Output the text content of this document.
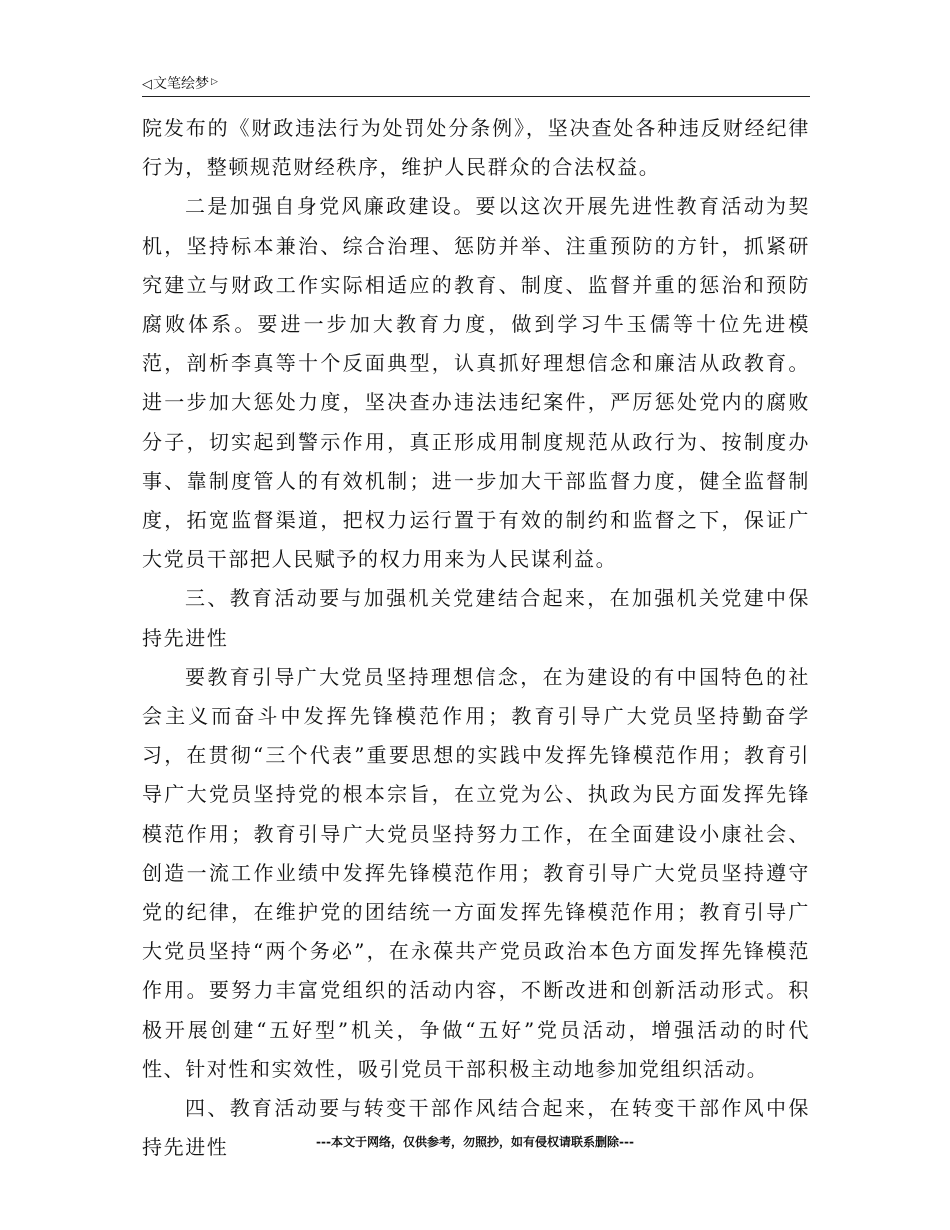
◁文笔绘梦 ▷

院发布的《财政违法行为处罚处分条例》，坚决查处各种违反财经纪律行为，整顿规范财经秩序，维护人民群众的合法权益。

二是加强自身党风廉政建设。要以这次开展先进性教育活动为契机，坚持标本兼治、综合治理、惩防并举、注重预防的方针，抓紧研究建立与财政工作实际相适应的教育、制度、监督并重的惩治和预防腐败体系。要进一步加大教育力度，做到学习牛玉儒等十位先进模范，剖析李真等十个反面典型，认真抓好理想信念和廉洁从政教育。进一步加大惩处力度，坚决查办违法违纪案件，严厉惩处党内的腐败分子，切实起到警示作用，真正形成用制度规范从政行为、按制度办事、靠制度管人的有效机制；进一步加大干部监督力度，健全监督制度，拓宽监督渠道，把权力运行置于有效的制约和监督之下，保证广大党员干部把人民赋予的权力用来为人民谋利益。

三、教育活动要与加强机关党建结合起来，在加强机关党建中保持先进性

要教育引导广大党员坚持理想信念，在为建设的有中国特色的社会主义而奋斗中发挥先锋模范作用；教育引导广大党员坚持勤奋学习，在贯彻“三个代表”重要思想的实践中发挥先锋模范作用；教育引导广大党员坚持党的根本宗旨，在立党为公、执政为民方面发挥先锋模范作用；教育引导广大党员坚持努力工作，在全面建设小康社会、创造一流工作业绩中发挥先锋模范作用；教育引导广大党员坚持遵守党的纪律，在维护党的团结统一方面发挥先锋模范作用；教育引导广大党员坚持“两个务必”，在永葆共产党员政治本色方面发挥先锋模范作用。要努力丰富党组织的活动内容，不断改进和创新活动形式。积极开展创建“五好型”机关，争做“五好”党员活动，增强活动的时代性、针对性和实效性，吸引党员干部积极主动地参加党组织活动。

四、教育活动要与转变干部作风结合起来，在转变干部作风中保持先进性	---本文于网络，仅供参考，勿照抄，如有侵权请联系删除---
